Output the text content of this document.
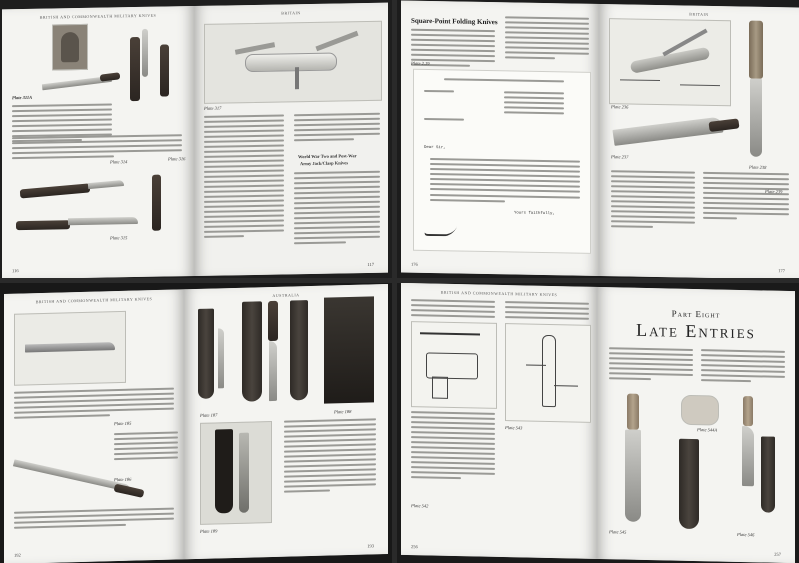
BRITISH AND COMMONWEALTH MILITARY KNIVES
Plate 311A
Plate 314
Plate 316
Plate 315
116
BRITAIN
Plate 317
World War Two and Post-War
Army Jack/Clasp Knives
117
Square-Point Folding Knives
Plate 2.19
Dear Sir,
Yours faithfully,
176
BRITAIN
Plate 236
Plate 237
Plate 238
Plate 239
177
BRITISH AND COMMONWEALTH MILITARY KNIVES
Plate 185
Plate 186
192
AUSTRALIA
Plate 187
Plate 188
Plate 189
193
BRITISH AND COMMONWEALTH MILITARY KNIVES
Plate 542
Plate 543
256
Part Eight
Late Entries
Plate 544A
Plate 545	Plate 546
257
